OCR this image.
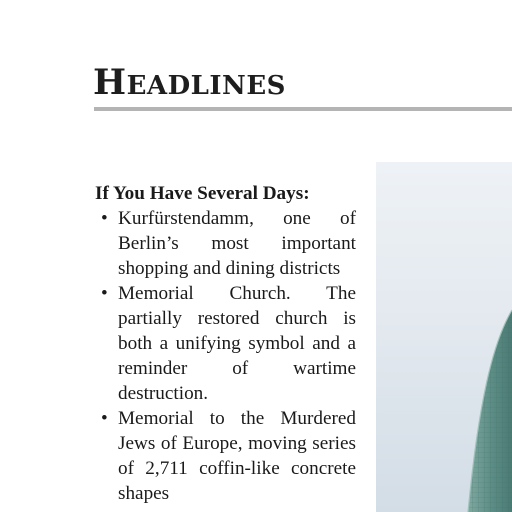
HEADLINES

If You Have Several Days:

• Kurfürstendamm, one of Berlin’s most important shopping and dining districts
• Memorial Church. The partially restored church is both a unifying symbol and a reminder of wartime destruction.
• Memorial to the Murdered Jews of Europe, moving series of 2,711 coffin-like concrete shapes
